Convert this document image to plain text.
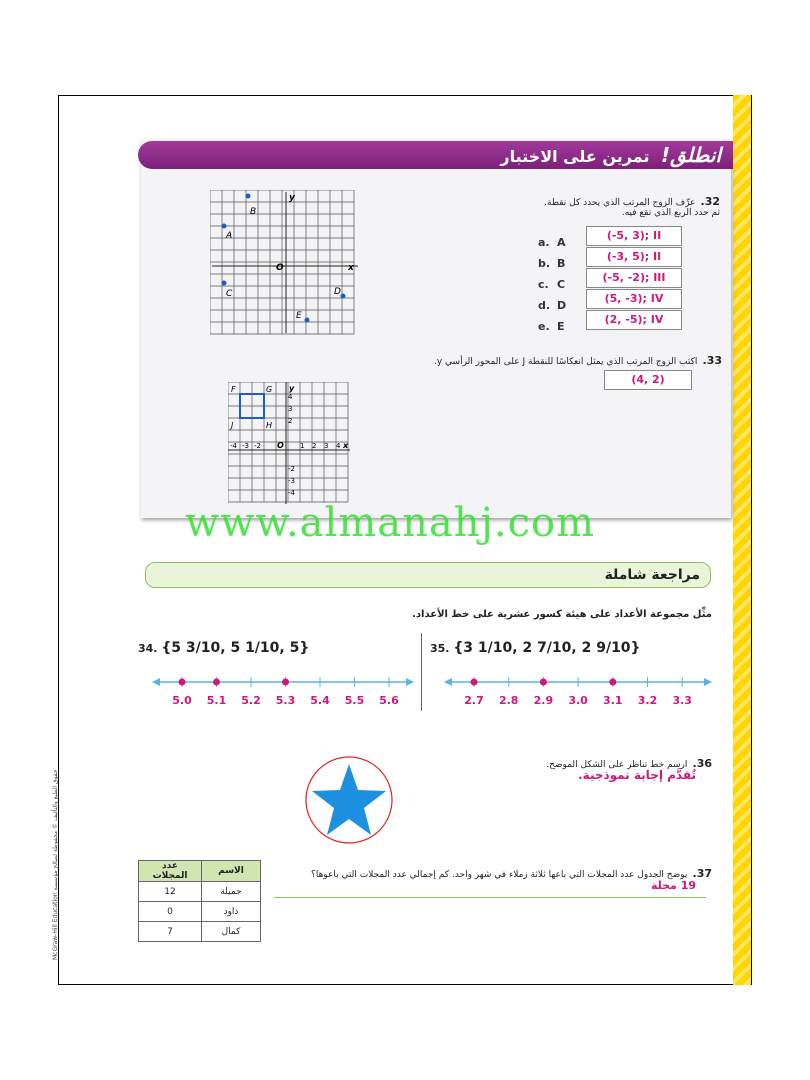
انطلق! تمرين على الاختبار
32. عرِّف الزوج المرتب الذي يحدد كل نقطة.
ثم حدد الربع الذي تقع فيه.
a. A
(-5, 3); II
b. B
(-3, 5); II
c. C
(-5, -2); III
d. D
(5, -3); IV
e. E
(2, -5); IV
B
A
C	D
E
y
x
O
33. اكتب الزوج المرتب الذي يمثل انعكاسًا للنقطة J على المحور الرأسي y.
(4, 2)
F	G
J	H
y
x
O
-4 -3 -2	1 2 3 4
4
3
2
-2
-3
-4
www.almanahj.com
مراجعة شاملة
مثِّل مجموعة الأعداد على هيئة كسور عشرية على خط الأعداد.
34. {5 3/10, 5 1/10, 5}
5.0 5.1 5.2 5.3 5.4 5.5 5.6
35. {3 1/10, 2 7/10, 2 9/10}
2.7 2.8 2.9 3.0 3.1 3.2 3.3
36. ارسم خط تناظر على الشكل الموضح.
تُقدَّم إجابة نموذجية.
37. يوضح الجدول عدد المجلات التي باعها ثلاثة زملاء في شهر واحد. كم إجمالي عدد المجلات التي باعوها؟
19 مجلة
عدد المجلات	الاسم
12	جميلة
0	داود
7	كمال
McGraw-Hill Education حقوق الطبع والتأليف © محفوظة لصالح مؤسسة
